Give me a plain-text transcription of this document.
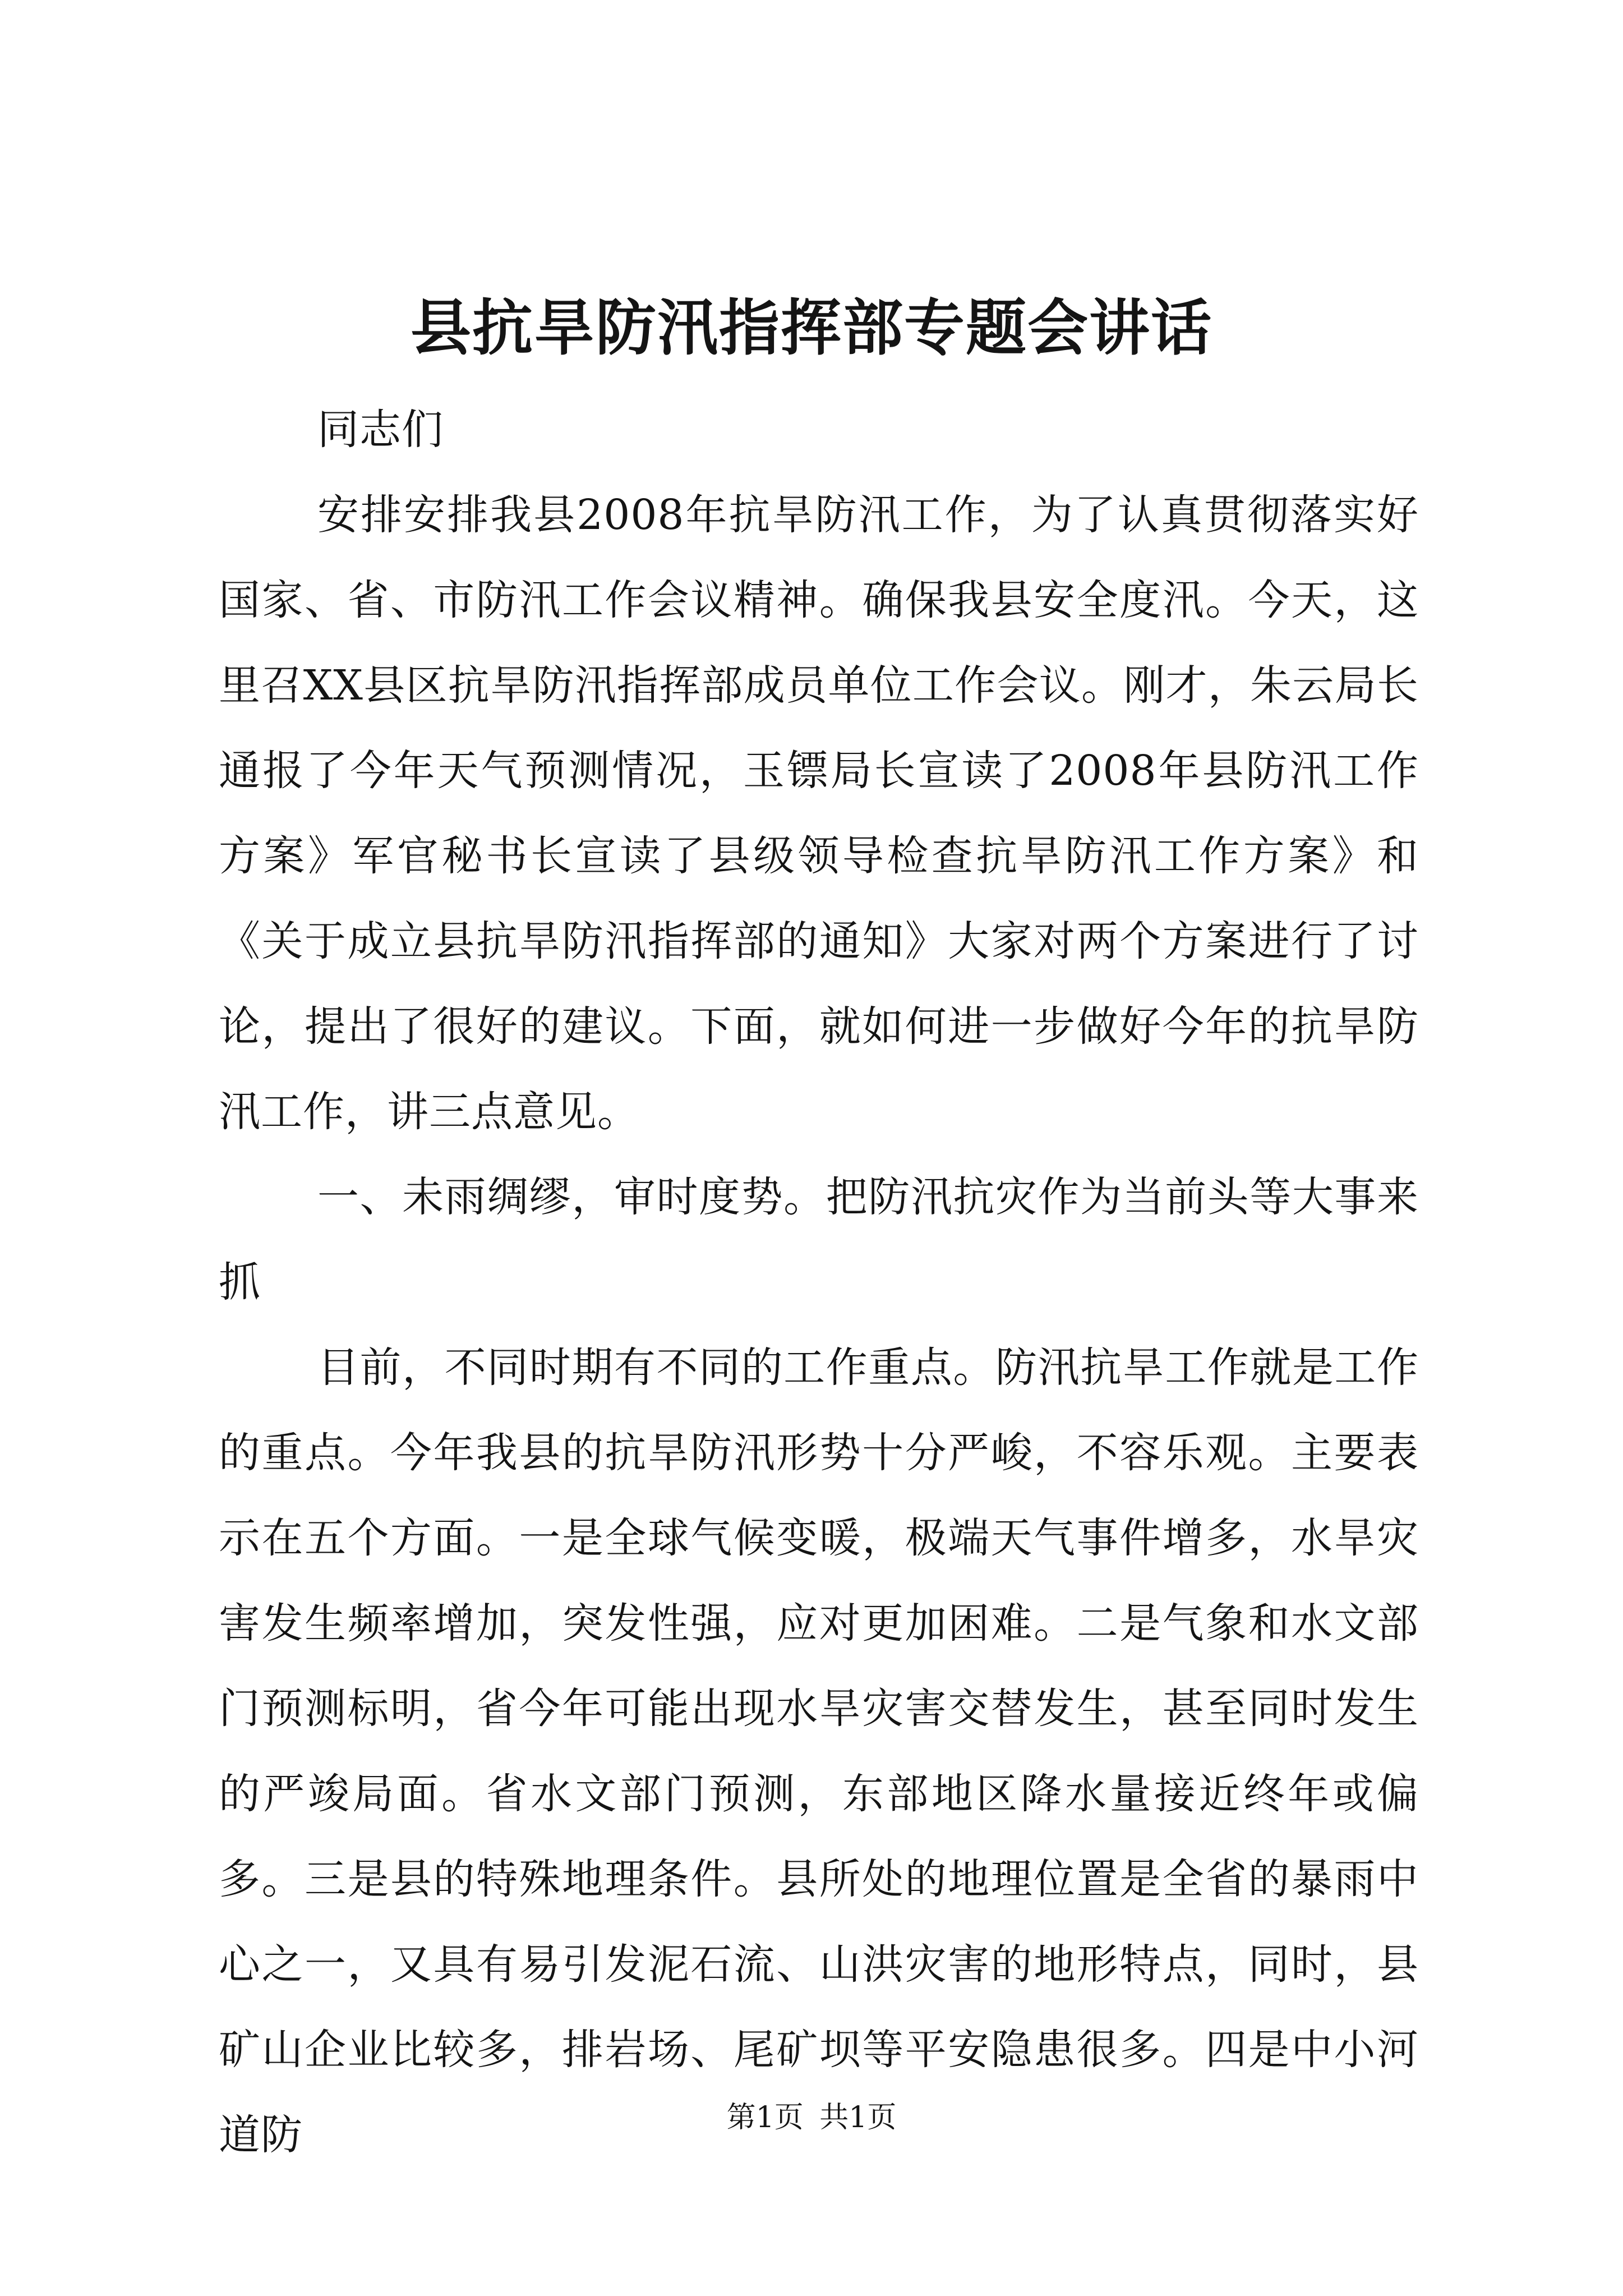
县抗旱防汛指挥部专题会讲话

同志们

安排安排我县2008年抗旱防汛工作，为了认真贯彻落实好国家、省、市防汛工作会议精神。确保我县安全度汛。今天，这里召XX县区抗旱防汛指挥部成员单位工作会议。刚才，朱云局长通报了今年天气预测情况，玉镖局长宣读了2008年县防汛工作方案》军官秘书长宣读了县级领导检查抗旱防汛工作方案》和《关于成立县抗旱防汛指挥部的通知》大家对两个方案进行了讨论，提出了很好的建议。下面，就如何进一步做好今年的抗旱防汛工作，讲三点意见。

一、未雨绸缪，审时度势。把防汛抗灾作为当前头等大事来抓

目前，不同时期有不同的工作重点。防汛抗旱工作就是工作的重点。今年我县的抗旱防汛形势十分严峻，不容乐观。主要表示在五个方面。一是全球气候变暖，极端天气事件增多，水旱灾害发生频率增加，突发性强，应对更加困难。二是气象和水文部门预测标明，省今年可能出现水旱灾害交替发生，甚至同时发生的严竣局面。省水文部门预测，东部地区降水量接近终年或偏多。三是县的特殊地理条件。县所处的地理位置是全省的暴雨中心之一，又具有易引发泥石流、山洪灾害的地形特点，同时，县矿山企业比较多，排岩场、尾矿坝等平安隐患很多。四是中小河道防	第1页 共1页
